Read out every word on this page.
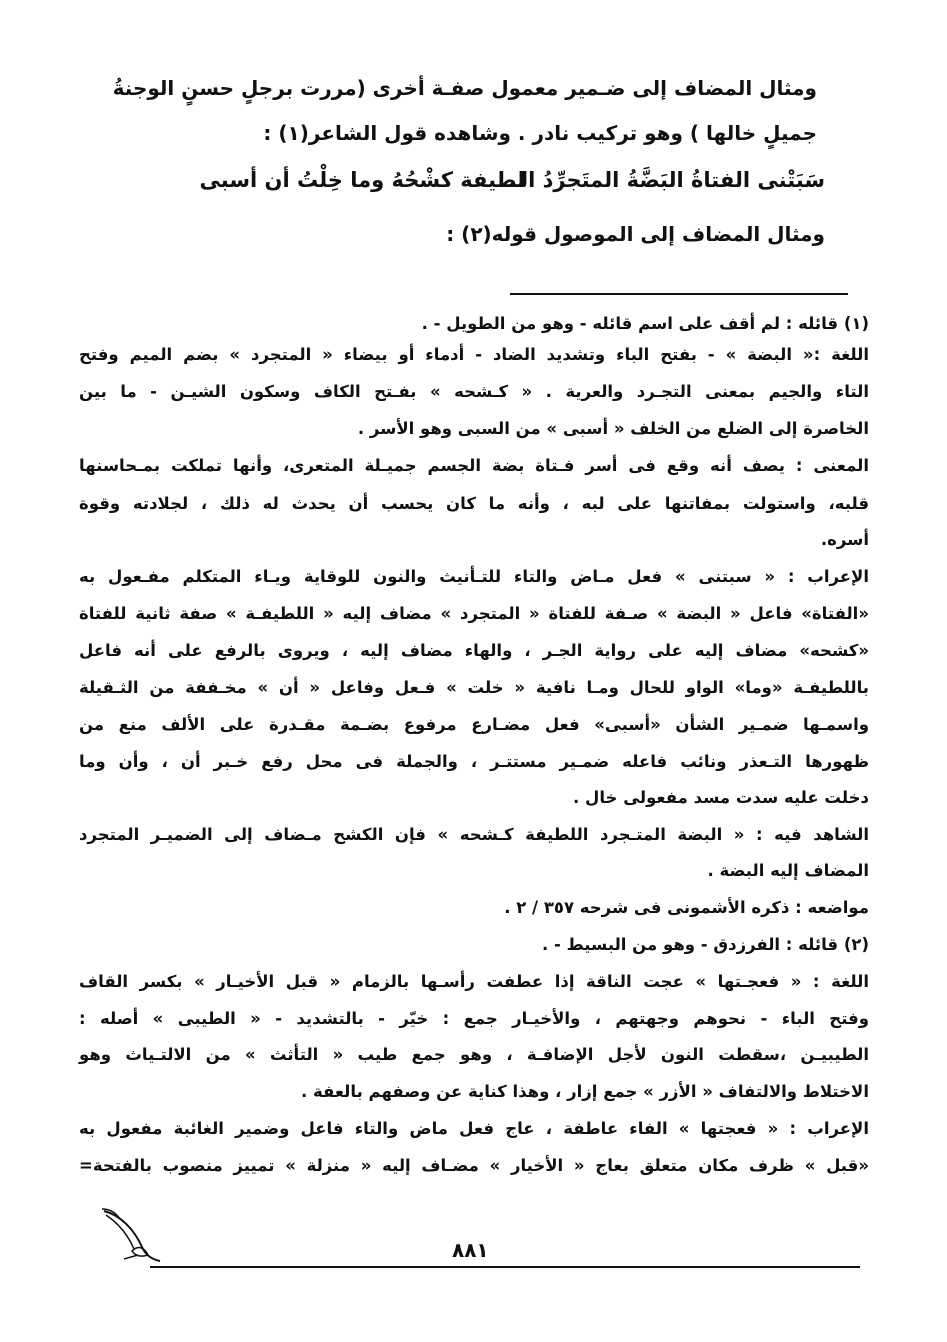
ومثال المضاف إلى ضـمير معمول صفـة أخرى (مررت برجلٍ حسنٍ الوجنةُ
جميلٍ خالها ) وهو تركيب نادر . وشاهده قول الشاعر(١) :
سَبَتْنى الفتاةُ البَضَّةُ المتَجرِّدُ الـــ
لطيفة كشْحُهُ وما خِلْتُ أن أسبى
ومثال المضاف إلى الموصول قوله(٢) :
(١) قائله : لم أقف على اسم قائله - وهو من الطويل - .
اللغة :« البضة » - بفتح الباء وتشديد الضاد - أدماء أو بيضاء « المتجرد » بضم الميم وفتح
التاء والجيم بمعنى التجـرد والعرية . « كـشحه » بفـتح الكاف وسكون الشيـن - ما بين
الخاصرة إلى الضلع من الخلف « أسبى » من السبى وهو الأسر .
المعنى : يصف أنه وقع فى أسر فـتاة بضة الجسم جميـلة المتعرى، وأنها تملكت بمـحاسنها
قلبه، واستولت بمفاتنها على لبه ، وأنه ما كان يحسب أن يحدث له ذلك ، لجلادته وقوة
أسره.
الإعراب : « سبتنى » فعل مـاض والتاء للتـأنيث والنون للوقاية ويـاء المتكلم مفـعول به
«الفتاة» فاعل « البضة » صـفة للفتاة « المتجرد » مضاف إليه « اللطيفـة » صفة ثانية للفتاة
«كشحه» مضاف إليه على رواية الجـر ، والهاء مضاف إليه ، ويروى بالرفع على أنه فاعل
باللطيفـة «وما» الواو للحال ومـا نافية « خلت » فـعل وفاعل « أن » مخـففة من الثـقيلة
واسمـها ضمـير الشأن «أسبى» فعل مضـارع مرفوع بضـمة مقـدرة على الألف منع من
ظهورها التـعذر ونائب فاعله ضمـير مستتـر ، والجملة فى محل رفع خـبر أن ، وأن وما
دخلت عليه سدت مسد مفعولى خال .
الشاهد فيه : « البضة المتـجرد اللطيفة كـشحه » فإن الكشح مـضاف إلى الضميـر المتجرد
المضاف إليه البضة .
مواضعه : ذكره الأشمونى فى شرحه ٣٥٧ / ٢ .
(٢) قائله : الفرزدق - وهو من البسيط - .
اللغة : « فعجـتها » عجت الناقة إذا عطفت رأسـها بالزمام « قبل الأخيـار » بكسر القاف
وفتح الباء - نحوهم وجهتهم ، والأخيـار جمع : خيّر - بالتشديد - « الطيبى » أصله :
الطيبيـن ،سقطت النون لأجل الإضافـة ، وهو جمع طيب « التأثث » من الالتـياث وهو
الاختلاط والالتفاف « الأزر » جمع إزار ، وهذا كناية عن وصفهم بالعفة .
الإعراب : « فعجتها » الفاء عاطفة ، عاج فعل ماض والتاء فاعل وضمير الغائبة مفعول به
«قبل » ظرف مكان متعلق بعاج « الأخيار » مضـاف إليه « منزلة » تمييز منصوب بالفتحة=
٨٨١
